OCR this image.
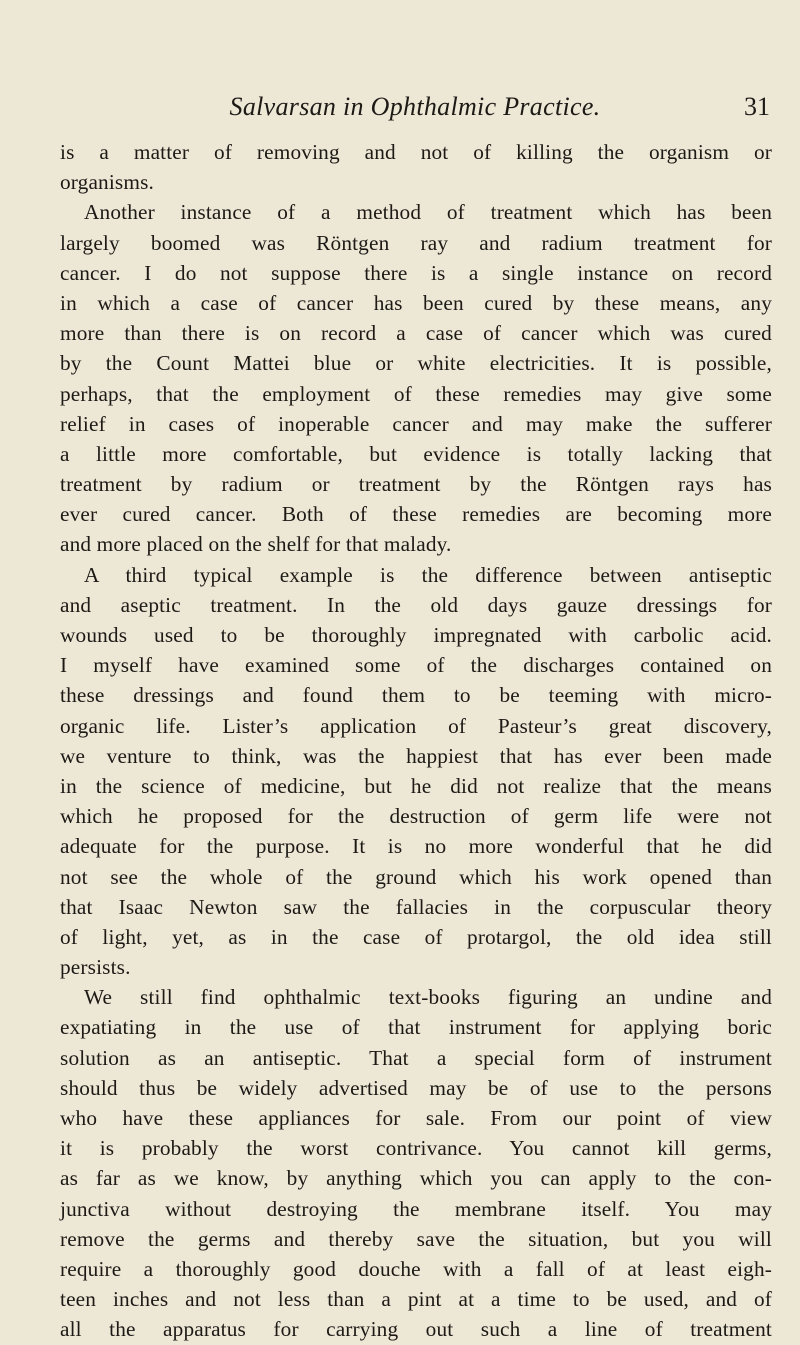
Salvarsan in Ophthalmic Practice.	31
is a matter of removing and not of killing the organism or
organisms.
Another instance of a method of treatment which has been
largely boomed was Röntgen ray and radium treatment for
cancer. I do not suppose there is a single instance on record
in which a case of cancer has been cured by these means, any
more than there is on record a case of cancer which was cured
by the Count Mattei blue or white electricities. It is possible,
perhaps, that the employment of these remedies may give some
relief in cases of inoperable cancer and may make the sufferer
a little more comfortable, but evidence is totally lacking that
treatment by radium or treatment by the Röntgen rays has
ever cured cancer. Both of these remedies are becoming more
and more placed on the shelf for that malady.
A third typical example is the difference between antiseptic
and aseptic treatment. In the old days gauze dressings for
wounds used to be thoroughly impregnated with carbolic acid.
I myself have examined some of the discharges contained on
these dressings and found them to be teeming with micro-
organic life. Lister’s application of Pasteur’s great discovery,
we venture to think, was the happiest that has ever been made
in the science of medicine, but he did not realize that the means
which he proposed for the destruction of germ life were not
adequate for the purpose. It is no more wonderful that he did
not see the whole of the ground which his work opened than
that Isaac Newton saw the fallacies in the corpuscular theory
of light, yet, as in the case of protargol, the old idea still
persists.
We still find ophthalmic text-books figuring an undine and
expatiating in the use of that instrument for applying boric
solution as an antiseptic. That a special form of instrument
should thus be widely advertised may be of use to the persons
who have these appliances for sale. From our point of view
it is probably the worst contrivance. You cannot kill germs,
as far as we know, by anything which you can apply to the con-
junctiva without destroying the membrane itself. You may
remove the germs and thereby save the situation, but you will
require a thoroughly good douche with a fall of at least eigh-
teen inches and not less than a pint at a time to be used, and of
all the apparatus for carrying out such a line of treatment
